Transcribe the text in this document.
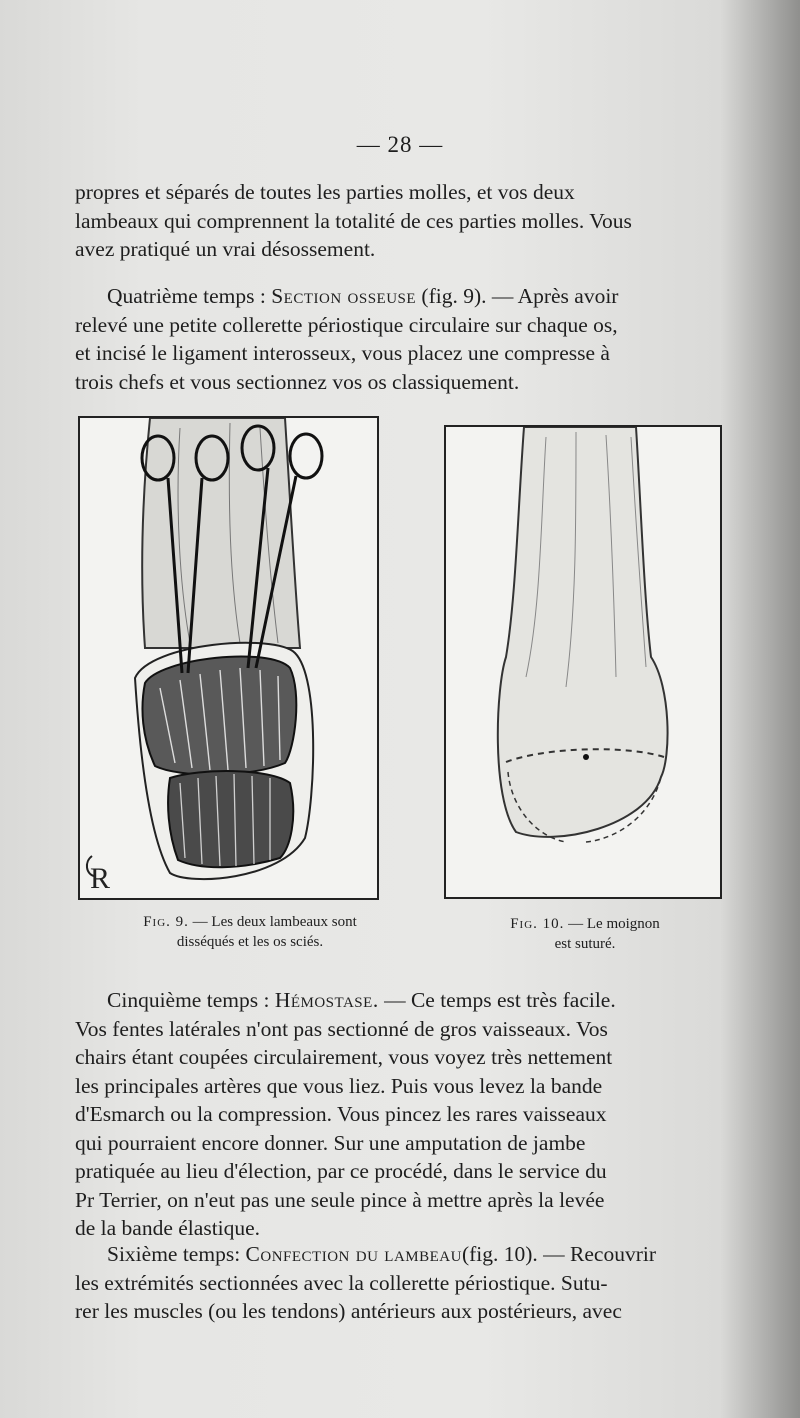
— 28 —

propres et séparés de toutes les parties molles, et vos deux
lambeaux qui comprennent la totalité de ces parties molles. Vous
avez pratiqué un vrai désossement.

Quatrième temps : Section osseuse (fig. 9). — Après avoir
relevé une petite collerette périostique circulaire sur chaque os,
et incisé le ligament interosseux, vous placez une compresse à
trois chefs et vous sectionnez vos os classiquement.

R
Fig. 9. — Les deux lambeaux sont
disséqués et les os sciés.
Fig. 10. — Le moignon
est suturé.

Cinquième temps : Hémostase. — Ce temps est très facile.
Vos fentes latérales n'ont pas sectionné de gros vaisseaux. Vos
chairs étant coupées circulairement, vous voyez très nettement
les principales artères que vous liez. Puis vous levez la bande
d'Esmarch ou la compression. Vous pincez les rares vaisseaux
qui pourraient encore donner. Sur une amputation de jambe
pratiquée au lieu d'élection, par ce procédé, dans le service du
Pr Terrier, on n'eut pas une seule pince à mettre après la levée
de la bande élastique.

Sixième temps: Confection du lambeau(fig. 10). — Recouvrir
les extrémités sectionnées avec la collerette périostique. Sutu-
rer les muscles (ou les tendons) antérieurs aux postérieurs, avec
